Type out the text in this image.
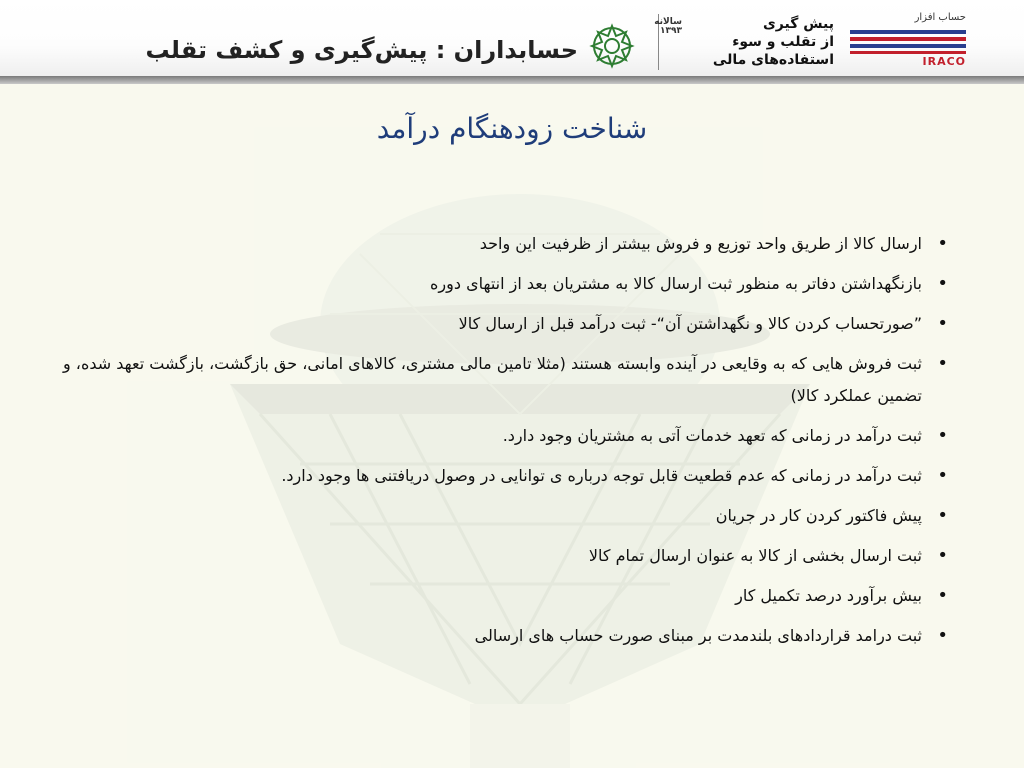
حسابداران : پیش‌گیری و کشف تقلب
سالانه ۱۳۹۳	پیش گیری
از تقلب و سوء
استفاده‌های مالی
حساب افزار
IRACO
شناخت زودهنگام درآمد
• ارسال کالا از طریق واحد توزیع و فروش بیشتر از ظرفیت این واحد
• بازنگهداشتن دفاتر به منظور ثبت ارسال کالا به مشتریان بعد از انتهای دوره
• ”صورتحساب کردن کالا و نگهداشتن آن“- ثبت درآمد قبل از ارسال کالا
• ثبت فروش هایی که به وقایعی در آینده وابسته هستند (مثلا تامین مالی مشتری، کالاهای امانی، حق بازگشت، بازگشت تعهد شده، و تضمین عملکرد کالا)
• ثبت درآمد در زمانی که تعهد خدمات آتی به مشتریان وجود دارد.
• ثبت درآمد در زمانی که عدم قطعیت قابل توجه درباره ی توانایی در وصول دریافتنی ها وجود دارد.
• پیش فاکتور کردن کار در جریان
• ثبت ارسال بخشی از کالا به عنوان ارسال تمام کالا
• بیش برآورد درصد تکمیل کار
• ثبت درامد قراردادهای بلندمدت بر مبنای صورت حساب های ارسالی
